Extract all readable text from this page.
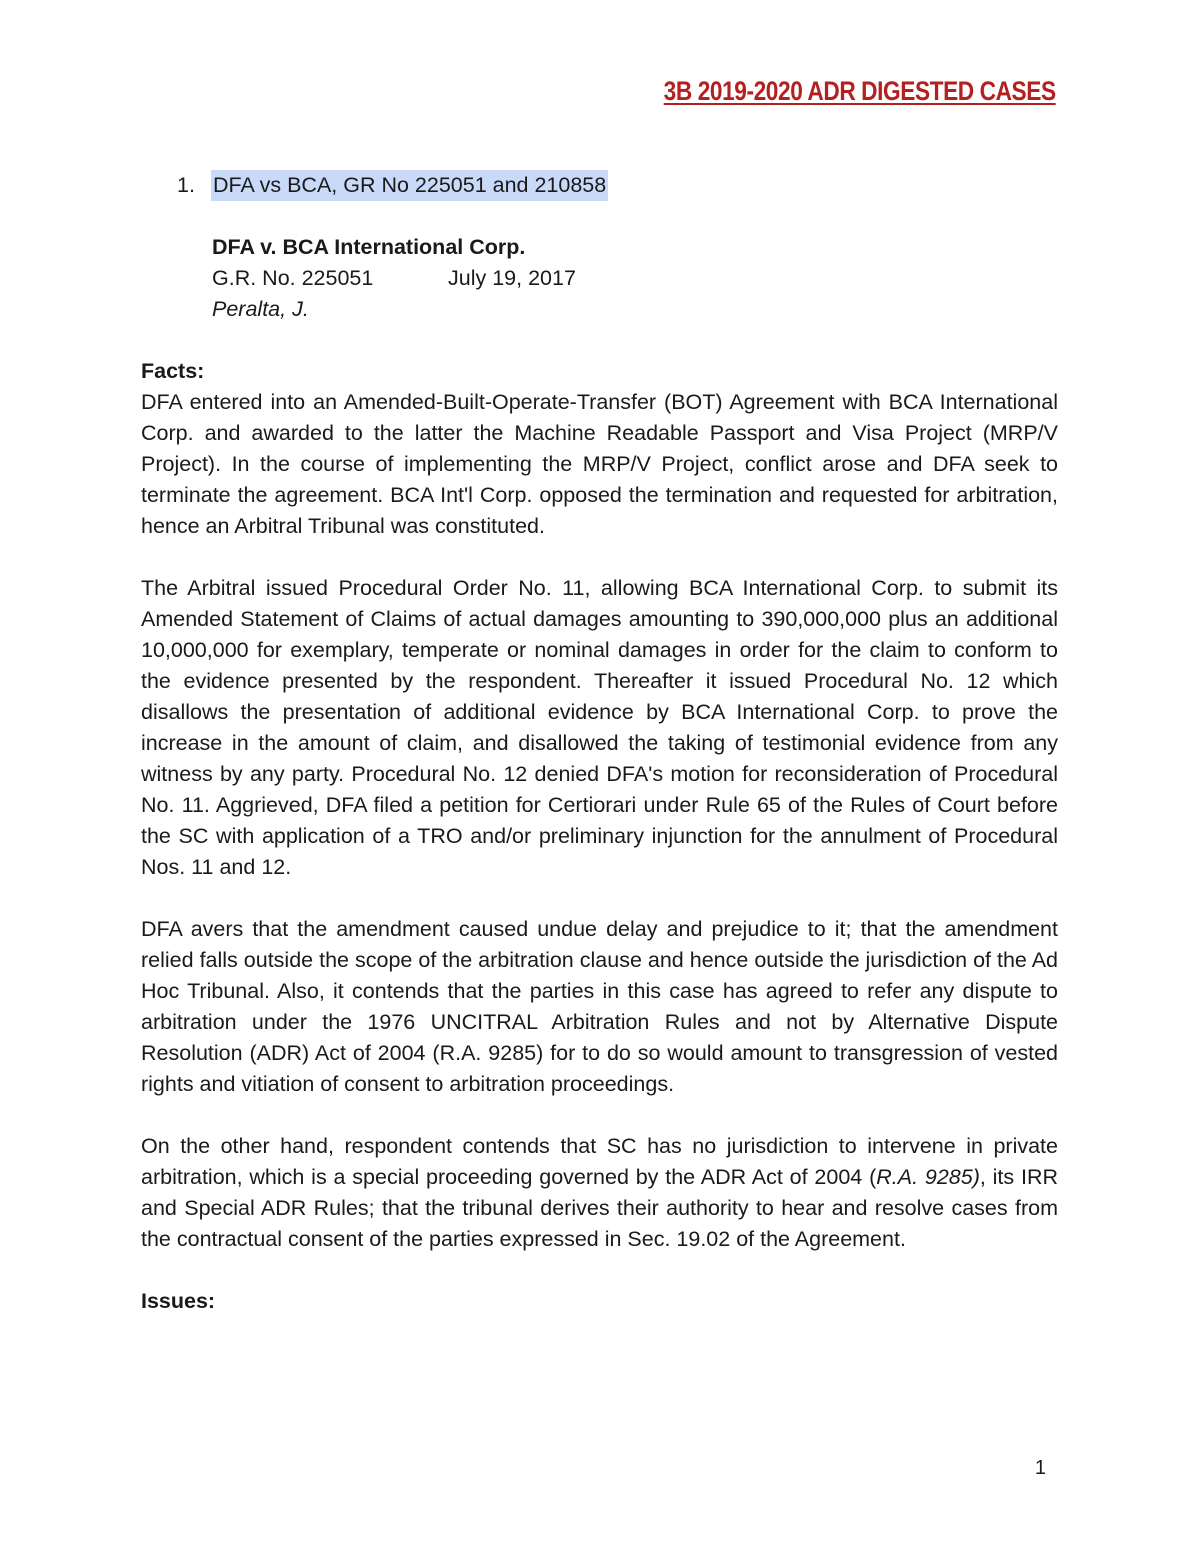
3B 2019-2020 ADR DIGESTED CASES
1. DFA vs BCA, GR No 225051 and 210858

DFA v. BCA International Corp.

G.R. No. 225051	July 19, 2017

Peralta, J.

Facts:

DFA entered into an Amended-Built-Operate-Transfer (BOT) Agreement with BCA International Corp. and awarded to the latter the Machine Readable Passport and Visa Project (MRP/V Project). In the course of implementing the MRP/V Project, conflict arose and DFA seek to terminate the agreement. BCA Int'l Corp. opposed the termination and requested for arbitration, hence an Arbitral Tribunal was constituted.

The Arbitral issued Procedural Order No. 11, allowing BCA International Corp. to submit its Amended Statement of Claims of actual damages amounting to 390,000,000 plus an additional 10,000,000 for exemplary, temperate or nominal damages in order for the claim to conform to the evidence presented by the respondent. Thereafter it issued Procedural No. 12 which disallows the presentation of additional evidence by BCA International Corp. to prove the increase in the amount of claim, and disallowed the taking of testimonial evidence from any witness by any party. Procedural No. 12 denied DFA's motion for reconsideration of Procedural No. 11. Aggrieved, DFA filed a petition for Certiorari under Rule 65 of the Rules of Court before the SC with application of a TRO and/or preliminary injunction for the annulment of Procedural Nos. 11 and 12.

DFA avers that the amendment caused undue delay and prejudice to it; that the amendment relied falls outside the scope of the arbitration clause and hence outside the jurisdiction of the Ad Hoc Tribunal. Also, it contends that the parties in this case has agreed to refer any dispute to arbitration under the 1976 UNCITRAL Arbitration Rules and not by Alternative Dispute Resolution (ADR) Act of 2004 (R.A. 9285) for to do so would amount to transgression of vested rights and vitiation of consent to arbitration proceedings.

On the other hand, respondent contends that SC has no jurisdiction to intervene in private arbitration, which is a special proceeding governed by the ADR Act of 2004 (R.A. 9285), its IRR and Special ADR Rules; that the tribunal derives their authority to hear and resolve cases from the contractual consent of the parties expressed in Sec. 19.02 of the Agreement.

Issues:

1
